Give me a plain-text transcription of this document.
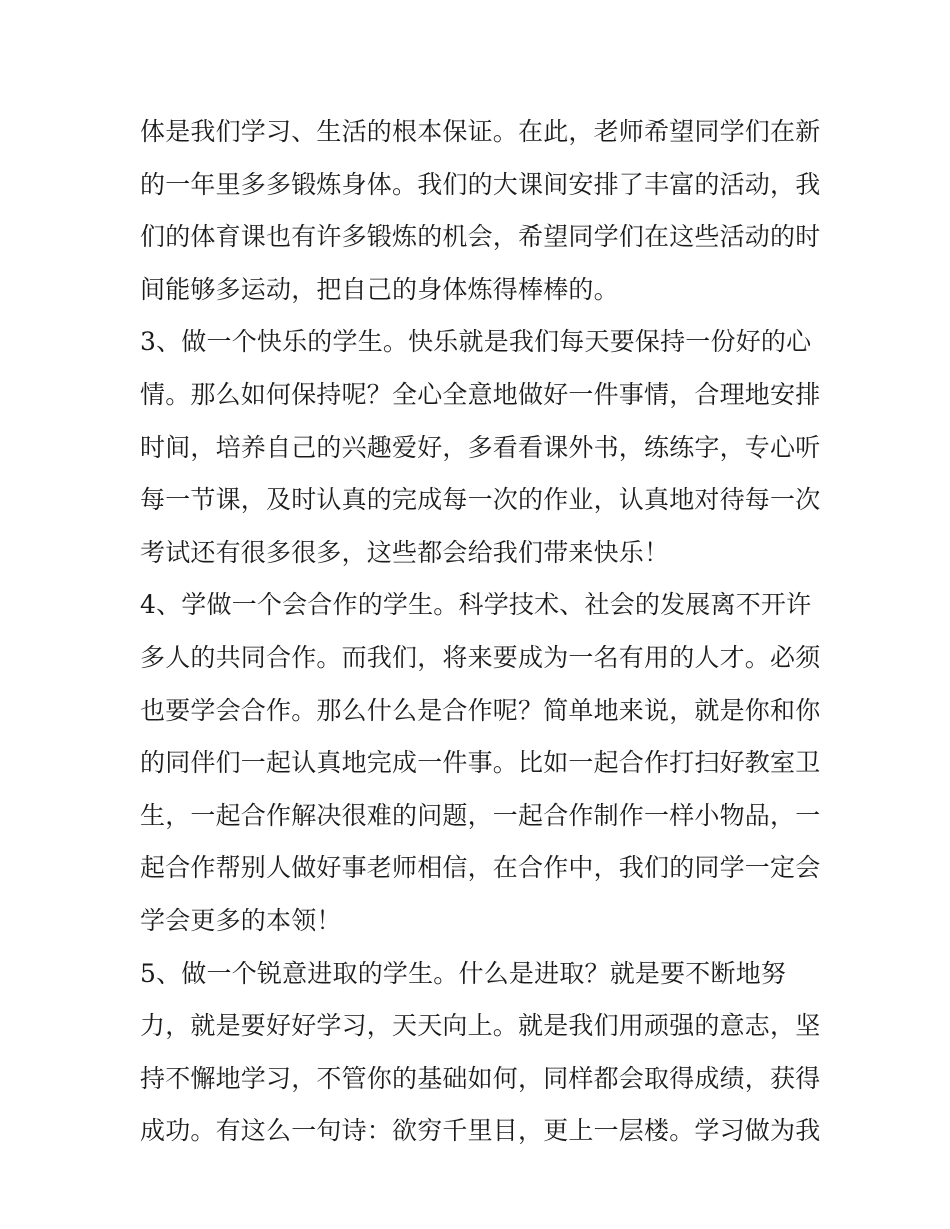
体是我们学习、生活的根本保证。在此，老师希望同学们在新
的一年里多多锻炼身体。我们的大课间安排了丰富的活动，我
们的体育课也有许多锻炼的机会，希望同学们在这些活动的时
间能够多运动，把自己的身体炼得棒棒的。
3、做一个快乐的学生。快乐就是我们每天要保持一份好的心
情。那么如何保持呢？全心全意地做好一件事情，合理地安排
时间，培养自己的兴趣爱好，多看看课外书，练练字，专心听
每一节课，及时认真的完成每一次的作业，认真地对待每一次
考试还有很多很多，这些都会给我们带来快乐！
4、学做一个会合作的学生。科学技术、社会的发展离不开许
多人的共同合作。而我们，将来要成为一名有用的人才。必须
也要学会合作。那么什么是合作呢？简单地来说，就是你和你
的同伴们一起认真地完成一件事。比如一起合作打扫好教室卫
生，一起合作解决很难的问题，一起合作制作一样小物品，一
起合作帮别人做好事老师相信，在合作中，我们的同学一定会
学会更多的本领！
5、做一个锐意进取的学生。什么是进取？就是要不断地努
力，就是要好好学习，天天向上。就是我们用顽强的意志，坚
持不懈地学习，不管你的基础如何，同样都会取得成绩，获得
成功。有这么一句诗：欲穷千里目，更上一层楼。学习做为我
